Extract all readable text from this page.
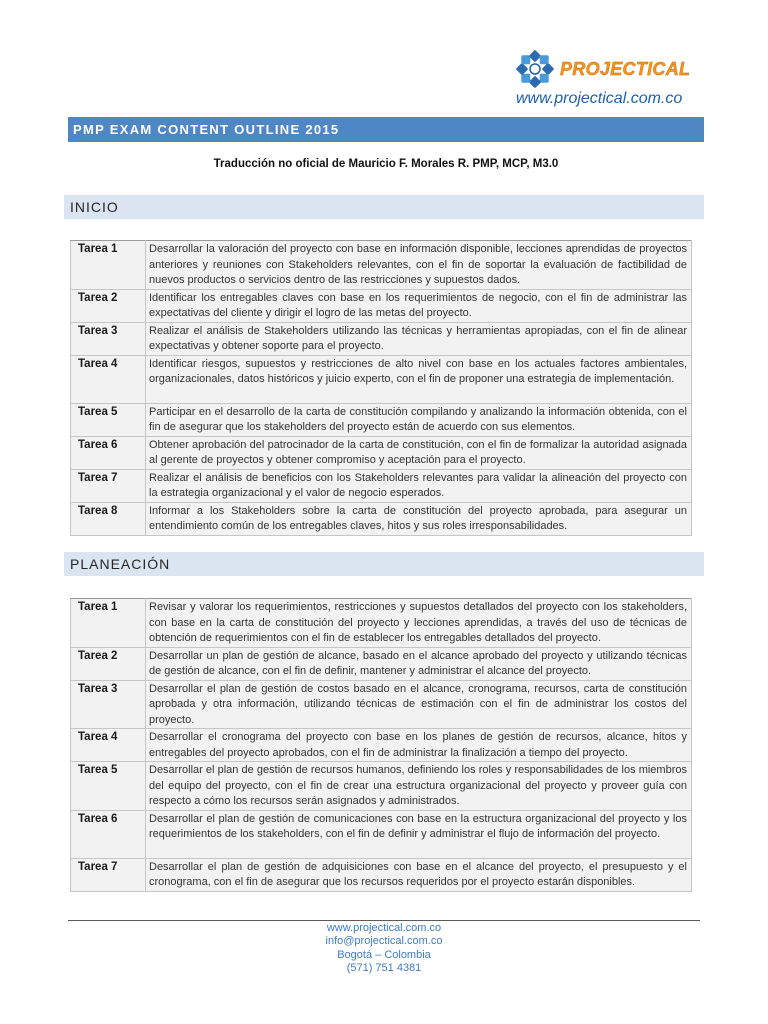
PROJECTICAL
www.projectical.com.co
PMP EXAM CONTENT OUTLINE 2015
Traducción no oficial de Mauricio F. Morales R. PMP, MCP, M3.0
INICIO
Tarea 1	Desarrollar la valoración del proyecto con base en información disponible, lecciones aprendidas de proyectos anteriores y reuniones con Stakeholders relevantes, con el fin de soportar la evaluación de factibilidad de nuevos productos o servicios dentro de las restricciones y supuestos dados.
Tarea 2	Identificar los entregables claves con base en los requerimientos de negocio, con el fin de administrar las expectativas del cliente y dirigir el logro de las metas del proyecto.
Tarea 3	Realizar el análisis de Stakeholders utilizando las técnicas y herramientas apropiadas, con el fin de alinear expectativas y obtener soporte para el proyecto.
Tarea 4	Identificar riesgos, supuestos y restricciones de alto nivel con base en los actuales factores ambientales, organizacionales, datos históricos y juicio experto, con el fin de proponer una estrategia de implementación.
Tarea 5	Participar en el desarrollo de la carta de constitución compilando y analizando la información obtenida, con el fin de asegurar que los stakeholders del proyecto están de acuerdo con sus elementos.
Tarea 6	Obtener aprobación del patrocinador de la carta de constitución, con el fin de formalizar la autoridad asignada al gerente de proyectos y obtener compromiso y aceptación para el proyecto.
Tarea 7	Realizar el análisis de beneficios con los Stakeholders relevantes para validar la alineación del proyecto con la estrategia organizacional y el valor de negocio esperados.
Tarea 8	Informar a los Stakeholders sobre la carta de constitución del proyecto aprobada, para asegurar un entendimiento común de los entregables claves, hitos y sus roles irresponsabilidades.
PLANEACIÓN
Tarea 1	Revisar y valorar los requerimientos, restricciones y supuestos detallados del proyecto con los stakeholders, con base en la carta de constitución del proyecto y lecciones aprendidas, a través del uso de técnicas de obtención de requerimientos con el fin de establecer los entregables detallados del proyecto.
Tarea 2	Desarrollar un plan de gestión de alcance, basado en el alcance aprobado del proyecto y utilizando técnicas de gestión de alcance, con el fin de definir, mantener y administrar el alcance del proyecto.
Tarea 3	Desarrollar el plan de gestión de costos basado en el alcance, cronograma, recursos, carta de constitución aprobada y otra información, utilizando técnicas de estimación con el fin de administrar los costos del proyecto.
Tarea 4	Desarrollar el cronograma del proyecto con base en los planes de gestión de recursos, alcance, hitos y entregables del proyecto aprobados, con el fin de administrar la finalización a tiempo del proyecto.
Tarea 5	Desarrollar el plan de gestión de recursos humanos, definiendo los roles y responsabilidades de los miembros del equipo del proyecto, con el fin de crear una estructura organizacional del proyecto y proveer guía con respecto a cómo los recursos serán asignados y administrados.
Tarea 6	Desarrollar el plan de gestión de comunicaciones con base en la estructura organizacional del proyecto y los requerimientos de los stakeholders, con el fin de definir y administrar el flujo de información del proyecto.
Tarea 7	Desarrollar el plan de gestión de adquisiciones con base en el alcance del proyecto, el presupuesto y el cronograma, con el fin de asegurar que los recursos requeridos por el proyecto estarán disponibles.
www.projectical.com.co
info@projectical.com.co
Bogotá – Colombia
(571) 751 4381
